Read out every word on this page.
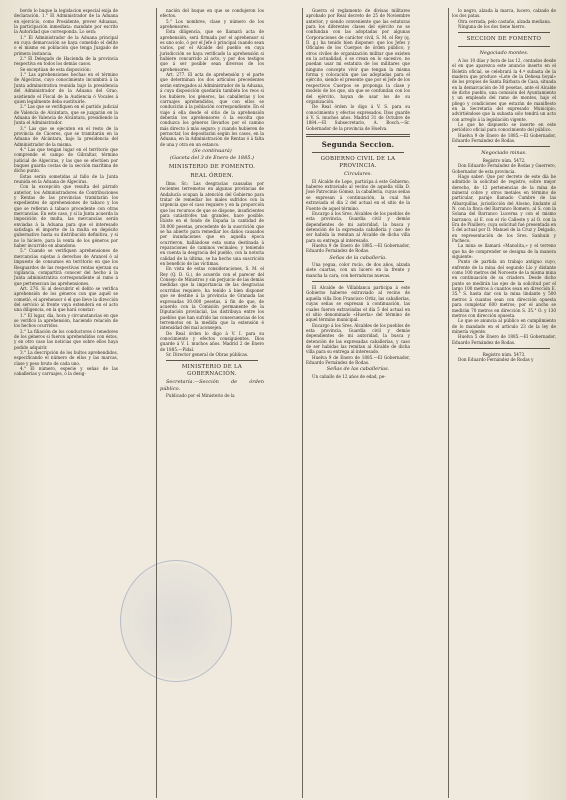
bordo lo buque la legislacion especial exija de declaración. 1.° El Administrador de la Aduana en ejercicio, como Presidente, prever Aduanas, la participación inmediata: mandate por escrito la Autoridad que corresponda. Lo será:

1.° El Administrador de la Aduana principal en cuya demarcación se haya cometido el delito o el mismo en población que tenga Juzgado de primera instancia.

2.° El Delegado de Hacienda de la provincia respectiva en todos los demás casos.

Se exceptúan de esta disposición:

1.° Las aprehensiones hechas en el término de Algeciras, cuyo conocimiento incumbirá á la Junta administrativa reunida bajo la presidencia del Administrador de la Aduana del Grao, asistiendo el Fiscal de la Audiencia ó Vocales á quien legalmente deba sustituirle.

2.° Las que se verifiquen en el partido judicial de Valencia de Alcántara, que se juzgarán en la Aduana de Valencia de Alcántara, presidiendo la Junta el Administrador.

3.° Las que se ejecuten en el resto de la provincia de Cáceres, que se tramitarán en la Aduana de Alcántara, bajo la presidencia del Administrador de la misma.

4.° Las que tengan lugar en el territorio que comprende el campo de Gibraltar, término judicial de Algeciras, y las que se efectúen por buques guarda costas de la sección marítima de dicho punto.

Estas serán sometidas al fallo de la Junta reunida en la Aduana de Algeciras.

Con la excepción que resulta del párrafo anterior, los Administradores de Contribuciones y Rentas de las provincias tramitarán los expedientes de aprehensiones de tabaco y los que se refieran á tabaco procedente con otras mercancías. En este caso, y si la Junta acuerda la imposición de multa, las mercancías serán enviadas á la Aduana para que el interesado satisfaga el importe de la multa en depósito gubernativo hasta su distribución definitiva, y si no lo hiciere, para la venta de los géneros por haber incurrido en abandono.

5.° Cuando se verifiquen aprehensiones de mercancías sujetas á derechos de Arancel ó al impuesto de consumos en territorio en que los Resguardos de las respectivas rentas ejerzan su vigilancia, compartirá conocer del hecho á la Junta administrativa correspondiente al ramo á que pertenezcan las aprehensiones.

Art. 276. Si al descubrir el delito se verifica aprehensión de los géneros con que aquél se cometió, el aprehensor ó el que lleve la dirección del servicio al frente vaya extenderá en el acto una diligencia, en la que hará constar:

1.° El lugar, día, hora y circunstancias en que se verificó la aprehensión, haciendo relación de los hechos ocurridos.

2.° La filiación de los conductores ó tenedores de los géneros si fueron aprehendidos con éstos, y en otro caso las noticias que sobre ellos haya podido adquirir.

3.° La descripción de los bultos aprehendidos, especificando el número de ellos y las marcas, clase y peso bruto de cada uno.

4.° El número, especie y señas de las caballerías y carruajes, ó la desig-

nación del buque en que se condujeron los efectos.

5.° Los nombres, clase y número de los aprehensores.

Esta diligencia, que se llamará acta de aprehensión, será firmada por el aprehensor si es uno solo, ó por el Jefe ó principal cuando sean varios, por el Alcalde del pueblo en cuya jurisdicción se haya verificado la aprehensión si hubiere concurrido al acto, y por dos testigos que á ser posible sean diversos de los aprehensores.

Art. 277. El acta de aprehensión y el parte que determinan los dos artículos precedentes serán entregados al Administrador de la Aduana, á cuya disposición quedarán también los reos si los hubiere, los géneros, las caballerías y los carruajes aprehendidos, que con ellos se conducirán á la población correspondiente. En el viaje á ella desde el sitio de la aprehensión deberán los aprehensores ó la escolta que conduzca los géneros llevarlos por el camino más directo á más seguro; y cuando hubieren de pernoctar, los depositarán según los casos, en la Aduana, en la Administración de Rentas ó á falta de una y otra en un estanco.

(Se continuará)

(Gaceta del 3 de Enero de 1885.)

MINISTERIO DE FOMENTO.

REAL ÓRDEN.

Ilmo. Sr.: Las desgracias causadas por recientes terremotos en algunas provincias de Andalucía ocupan la atención del Gobierno para tratar de remediar los males sufridos con la urgencia que el caso requiere y en la proporción que los recursos de que se dispone, insuficientes para catástrofes tan grandes, hace posible. Existe en el fondo de España la cantidad de 30.000 pesetas, procedente de la suscrición que se ha abierto para remediar los daños causados por inundaciones que en aquella época ocurrieron, hallándose esta suma destinada á reparaciones de caminos vecinales; y teniendo en cuenta la desgracia del pueblo, con la notoria calidad de la última, se ha hecho una suscrición en beneficio de las víctimas.

En vista de estas consideraciones, S. M. el Rey (Q. D. G.), de acuerdo con el parecer del Consejo de Ministros y sin perjuicio de las demás medidas que la importancia de las desgracias ocurridas requiere, ha tenido á bien disponer que se destine á la provincia de Granada las expresadas 30.000 pesetas, á fin de que, de acuerdo con la Comisión permanente de la Diputación provincial, las distribuya entre los pueblos que han sufrido las consecuencias de los terremotos en la medida que la extensión é intensidad del mal aconsejen.

De Real órden lo digo á V. I. para su conocimiento y efectos consiguientes. Dios guarde á V. I. muchos años. Madrid 2 de Enero de 1885.—Pidal.

Sr. Director general de Obras públicas.

MINISTERIO DE LA GOBERNACIÓN.

Secretaría.—Sección de órden público.

Publicado por el Ministerio de la

Guerra el reglamento de divisas militares aprobado por Real decreto de 25 de Noviembre anterior, y siendo conveniente que las estaturas para los diferentes clases del ejército no se confundan con las adoptadas por algunas Corporaciones de carácter civil, S. M. el Rey (q. D. g.) ha tenido bien disponer: que los Jefes y Oficiales de los Cuerpos de órden público, y otros civiles de organización militar que existen en la actualidad, ó se crean en lo sucesivo, no puedan usar mi estatura de los militares que ninguno concepto vivir que tengan la misma forma y colocación que las adoptadas para el ejército, siendo el presente que por el Jefe de los respectivos Cuerpos se proponga la clase y modelo de los que, sin que se confundan con los del ejército, hayan de usar los de su organización.

De Real órden lo digo á V. S. para su conocimiento y efectos expresados. Dios guarde á V. S. muchos años. Madrid 31 de Octubre de 1884.—El Subsecretario, A. Bosch.—Sr. Gobernador de la provincia de Huelva.

Segunda Seccion.

GOBIERNO CIVIL DE LA PROVINCIA.

Circulares.

El Alcalde de Lepe, participa á este Gobierno, haberse extraviado al vecino de aquella villa D. José Patrocinio Gómez, la caballería, cuyas señas se expresan á continuación, la cual fué extraviada el día 2 del actual en el sitio de la Fuente de aquel término.

Encargo á los Sres. Alcaldes de los pueblos de esta provincia, Guardia civil y demás dependientes de mi autoridad, la busca y detención de la expresada caballería y caso de ser habida la remitan al Alcalde de dicha villa para su entrega al interesado.

Huelva 9 de Enero de 1885.—El Gobernador, Eduardo Fernández de Rodas.

Señas de la caballería.

Una yegua, color rucio, de dos años, alzada siete cuartas, con un lucero en la frente y mancha la cara, con herraduras nuevas.

El Alcalde de Villablanca participa á este Gobierno haberse extraviado al vecino de aquella villa Don Francisco Ortiz, las caballerías, cuyas señas se expresan á continuación, las cuales fueron extraviadas el día 5 del actual en el sitio denominado «Huerta» del término de aquel término municipal.

Encargo á los Sres. Alcaldes de los pueblos de esta provincia, Guardia civil y demás dependientes de mi autoridad, la busca y detención de las expresadas caballerías, y caso de ser habidas las remitan al Alcalde de dicha villa para su entrega al interesado.

Huelva 9 de Enero de 1885.—El Gobernador, Eduardo Fernández de Rodas.

Señas de las caballerías.

Un caballo de 12 años de edad, pe-

lo negro, alzada la marca, lucero, calzado de los dos patas.

Otra cerrada; pelo castaño, alzada mediana.

Ninguna de los dos tiene hierro.

SECCION DE FOMENTO

Negociado montes.

A los 10 días y hora de las 12, contados desde el en que aparezca este anuncio inserto en el Boletín oficial, se celebrará la 4.ª subasta de la madera que produce «Lote de la Dehesa boyal» de los propios de Santa Bárbara de Casa, situada en la demarcación de 30 pesetas, ante el Alcalde de dicho pueblo, una comisión del Ayuntamiento y un empleado del ramo de montes, bajo el pliego y condiciones que estarán de manifiesto en la Secretaría del expresado Municipio; advirtiéndose que la subasta sólo tendrá un acto con arreglo á la legislación vigente.

Lo que he dispuesto se inserte en este periódico oficial para conocimiento del público.

Huelva 9 de Enero de 1885.—El Gobernador, Eduardo Fernández de Rodas.

Negociado minas.

Registro núm. 5472.

Don Eduardo Fernández de Rodas y Guerrero, Gobernador de esta provincia.

Hago saber: Que por decreto de este día he admitido la solicitud de registro, sobre mejor derecho, de 12 pertenencias de la mina de mineral cobre y otros metales en término de particular, paraje llamado Cumbre de las Albarquillas, jurisdicción del Alosno, lindante al N. con la finca del Barranco Romero, al S. con la Solana del Barranco Lucerna y con el mismo barranco, al E. con el río Calleste y al O. con la Era de Pinillero; cuya solicitud fué presentada en 5 del actual por D. Manuel de la Cruz y Delgado, en representación de los Sres. Sanhuin y Pacheco.

La mina se llamará «Manolita,» y el terreno que ha de comprender se designa de la manera siguiente:

Punto de partida un trabajo antiguo cuyo, enfrente de la mina del segundo Lío y distante como 100 metros del Noroeste de la misma mina en continuación de su criadero. Desde dicho punto se medirán las ejes de la solicitud por el largo 100 metros á cuantos sean en dirección E. 35.° S. hasta dar con la mina lindante y 500 metros á cuantos sean con dirección opuesta para completar 600 metros; por el ancho se medirán 70 metros en dirección S. 35.° O. y 130 metros con dirección opuesta.

Lo que se anuncia al público en cumplimiento de lo mandado en el artículo 23 de la ley de minería vigente.

Huelva 5 de Enero de 1885.—El Gobernador, Eduardo Fernández de Rodas.

Registro núm. 5473.

Don Eduardo Fernández de Rodas y
